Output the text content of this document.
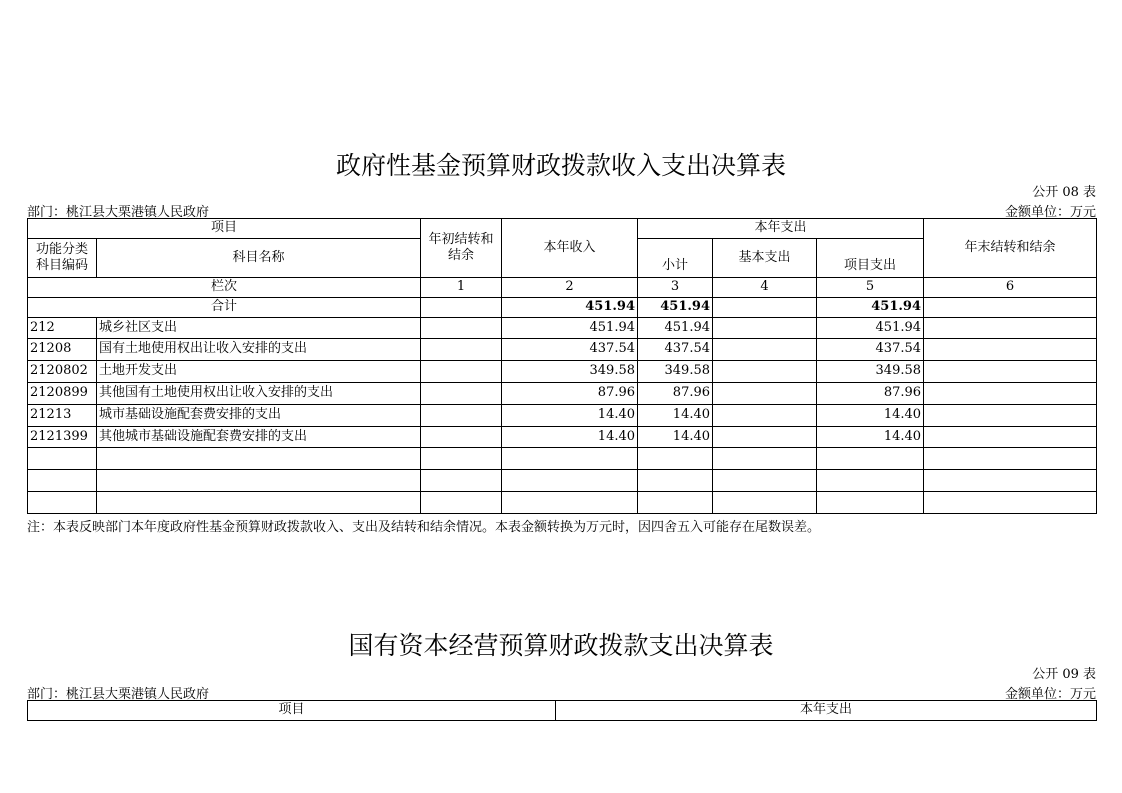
政府性基金预算财政拨款收入支出决算表
公开 08 表
部门：桃江县大栗港镇人民政府	金额单位：万元
项目		年初结转和结余	本年收入	本年支出			年末结转和结余
功能分类科目编码	科目名称			小计	基本支出	项目支出	
栏次		1	2	3	4	5	6
合计			451.94	451.94		451.94	
212	城乡社区支出		451.94	451.94		451.94	
21208	国有土地使用权出让收入安排的支出		437.54	437.54		437.54	
2120802	土地开发支出		349.58	349.58		349.58	
2120899	其他国有土地使用权出让收入安排的支出		87.96	87.96		87.96	
21213	城市基础设施配套费安排的支出		14.40	14.40		14.40	
2121399	其他城市基础设施配套费安排的支出		14.40	14.40		14.40	

注：本表反映部门本年度政府性基金预算财政拨款收入、支出及结转和结余情况。本表金额转换为万元时，因四舍五入可能存在尾数误差。
国有资本经营预算财政拨款支出决算表
公开 09 表
部门：桃江县大栗港镇人民政府	金额单位：万元
项目	本年支出
